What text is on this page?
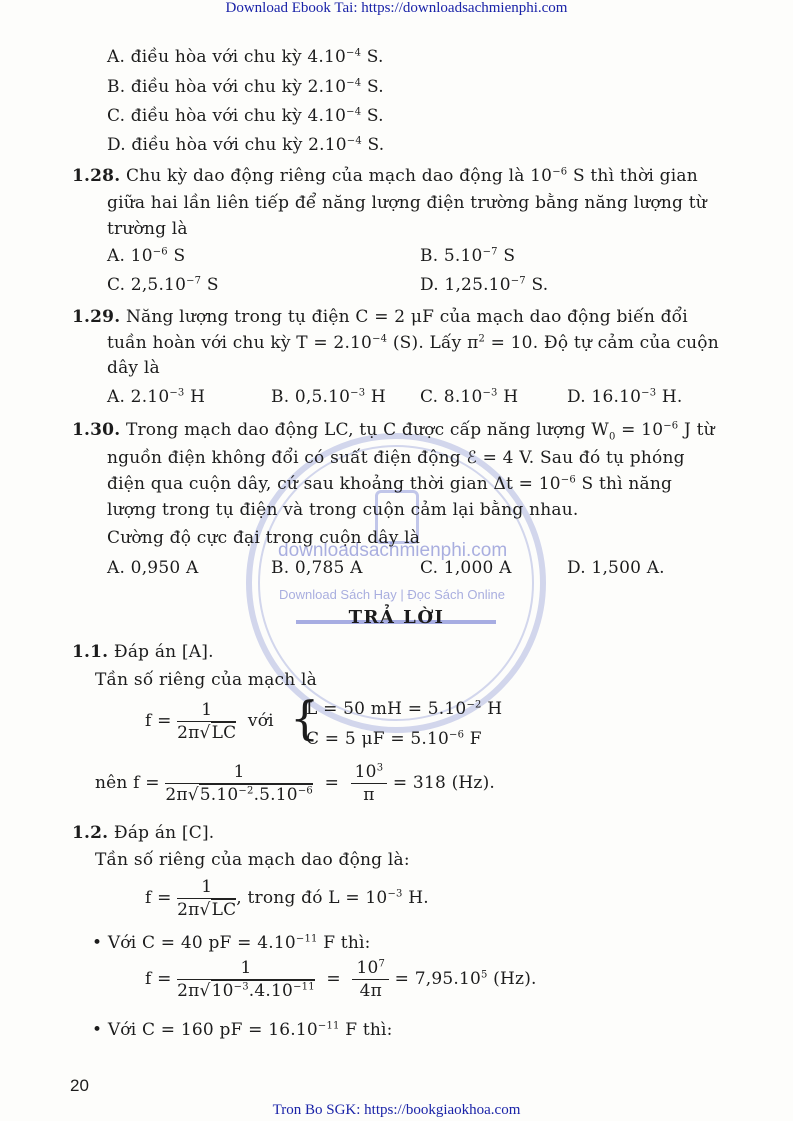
Download Ebook Tai: https://downloadsachmienphi.com
Tron Bo SGK: https://bookgiaokhoa.com
downloadsachmienphi.com
Download Sách Hay | Đọc Sách Online
A. điều hòa với chu kỳ $4.10^{-4}$ S.
B. điều hòa với chu kỳ $2.10^{-4}$ S.
C. điều hòa với chu kỳ $4.10^{-4}$ S.
D. điều hòa với chu kỳ $2.10^{-4}$ S.
1.28. Chu kỳ dao động riêng của mạch dao động là $10^{-6}$ S thì thời gian
giữa hai lần liên tiếp để năng lượng điện trường bằng năng lượng từ
trường là
A. $10^{-6}$ S	B. $5.10^{-7}$ S
C. $2,5.10^{-7}$ S	D. $1,25.10^{-7}$ S.
1.29. Năng lượng trong tụ điện C = 2 μF của mạch dao động biến đổi
tuần hoàn với chu kỳ $T = 2.10^{-4}$ (S). Lấy $\pi^2 = 10$. Độ tự cảm của cuộn
dây là
A. $2.10^{-3}$ H	B. $0,5.10^{-3}$ H C. $8.10^{-3}$ H	D. $16.10^{-3}$ H.
1.30. Trong mạch dao động LC, tụ C được cấp năng lượng $W_0 = 10^{-6}$ J từ
nguồn điện không đổi có suất điện động ℰ = 4 V. Sau đó tụ phóng
điện qua cuộn dây, cứ sau khoảng thời gian $\Delta t = 10^{-6}$ S thì năng
lượng trong tụ điện và trong cuộn cảm lại bằng nhau.
Cường độ cực đại trong cuộn dây là
A. 0,950 A	B. 0,785 A	C. 1,000 A	D. 1,500 A.
TRẢ LỜI
1.1. Đáp án [A].
Tần số riêng của mạch là
$f = \frac{1}{2\pi√LC}$ với {
L = 50 mH = $5.10^{-2}$ H
C = 5 $\mu F = 5.10^{-6}$ F
nên $f = \frac{1}{2\pi√5.10^{-2}.5.10^{-6}} = \frac{10^3}{\pi} = 318$ (Hz).
1.2. Đáp án [C].
Tần số riêng của mạch dao động là:
$f = \frac{1}{2\pi√LC}$ , trong đó $L = 10^{-3}$ H.
• Với C = 40 pF = $4.10^{-11}$ F thì:
$f = \frac{1}{2\pi√10^{-3}.4.10^{-11}} = \frac{10^7}{4\pi} = 7,95.10^5$ (Hz).
• Với C = 160 pF = $16.10^{-11}$ F thì:
20
